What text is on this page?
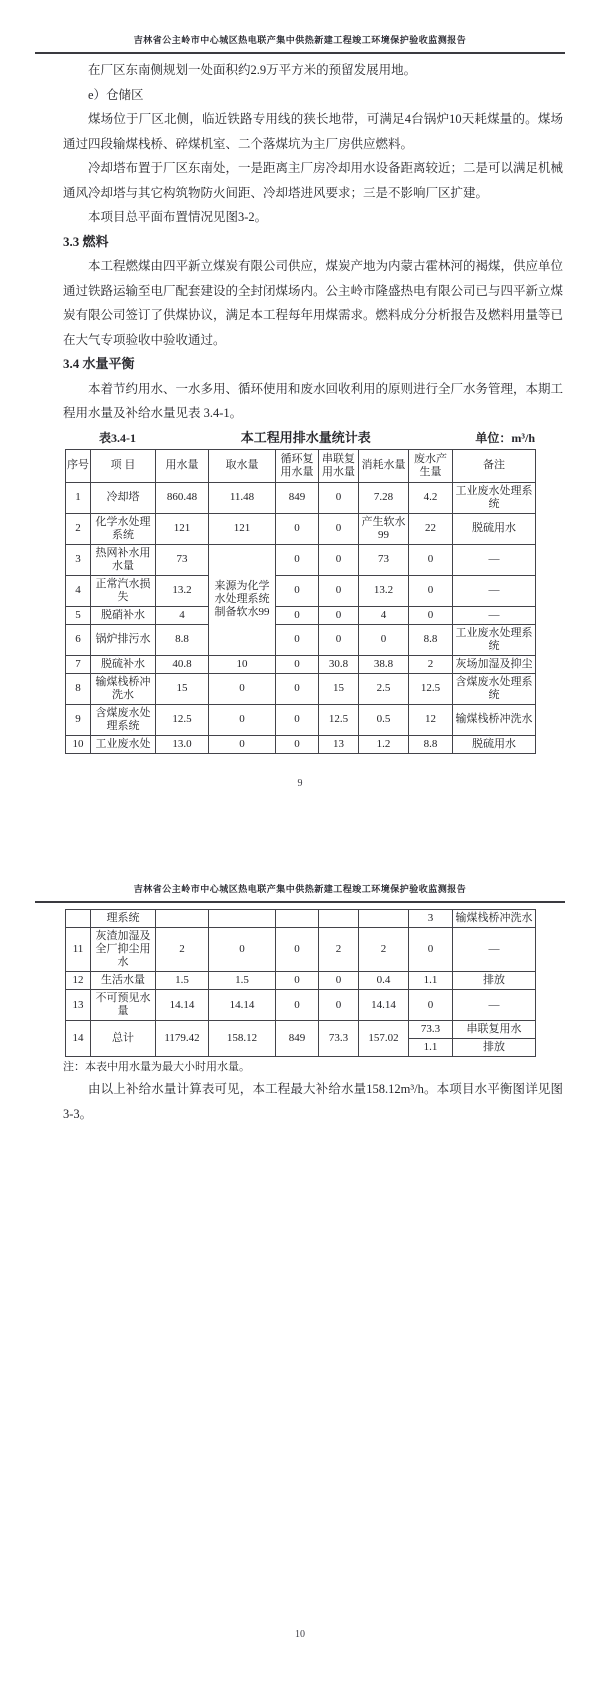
吉林省公主岭市中心城区热电联产集中供热新建工程竣工环境保护验收监测报告

在厂区东南侧规划一处面积约2.9万平方米的预留发展用地。

e）仓储区

煤场位于厂区北侧，临近铁路专用线的狭长地带，可满足4台锅炉10天耗煤量的。煤场通过四段输煤栈桥、碎煤机室、二个落煤坑为主厂房供应燃料。

冷却塔布置于厂区东南处，一是距离主厂房冷却用水设备距离较近；二是可以满足机械通风冷却塔与其它构筑物防火间距、冷却塔进风要求；三是不影响厂区扩建。

本项目总平面布置情况见图3-2。

3.3 燃料

本工程燃煤由四平新立煤炭有限公司供应，煤炭产地为内蒙古霍林河的褐煤，供应单位通过铁路运输至电厂配套建设的全封闭煤场内。公主岭市隆盛热电有限公司已与四平新立煤炭有限公司签订了供煤协议，满足本工程每年用煤需求。燃料成分分析报告及燃料用量等已在大气专项验收中验收通过。

3.4 水量平衡

本着节约用水、一水多用、循环使用和废水回收利用的原则进行全厂水务管理，本期工程用水量及补给水量见表 3.4-1。

表3.4-1	本工程用排水量统计表	单位：m³/h
序号	项 目	用水量	取水量	循环复用水量	串联复用水量	消耗水量	废水产生量	备注
1	冷却塔	860.48	11.48	849	0	7.28	4.2	工业废水处理系统
2	化学水处理系统	121	121	0	0	产生软水99	22	脱硫用水
3	热网补水用水量	73	来源为化学水处理系统制备软水99	0	0	73	0	—
4	正常汽水损失	13.2		0	0	13.2	0	—
5	脱硝补水	4		0	0	4	0	—
6	锅炉排污水	8.8		0	0	0	8.8	工业废水处理系统
7	脱硫补水	40.8	10	0	30.8	38.8	2	灰场加湿及抑尘
8	输煤栈桥冲洗水	15	0	0	15	2.5	12.5	含煤废水处理系统
9	含煤废水处理系统	12.5	0	0	12.5	0.5	12	输煤栈桥冲洗水
10	工业废水处	13.0	0	0	13	1.2	8.8	脱硫用水
9
吉林省公主岭市中心城区热电联产集中供热新建工程竣工环境保护验收监测报告
	理系统						3	输煤栈桥冲洗水
11	灰渣加湿及全厂抑尘用水	2	0	0	2	2	0	—
12	生活水量	1.5	1.5	0	0	0.4	1.1	排放
13	不可预见水量	14.14	14.14	0	0	14.14	0	—
14	总计	1179.42	158.12	849	73.3	157.02	73.3	串联复用水
							1.1	排放

注：本表中用水量为最大小时用水量。

由以上补给水量计算表可见，本工程最大补给水量158.12m³/h。本项目水平衡图详见图3-3。

10
